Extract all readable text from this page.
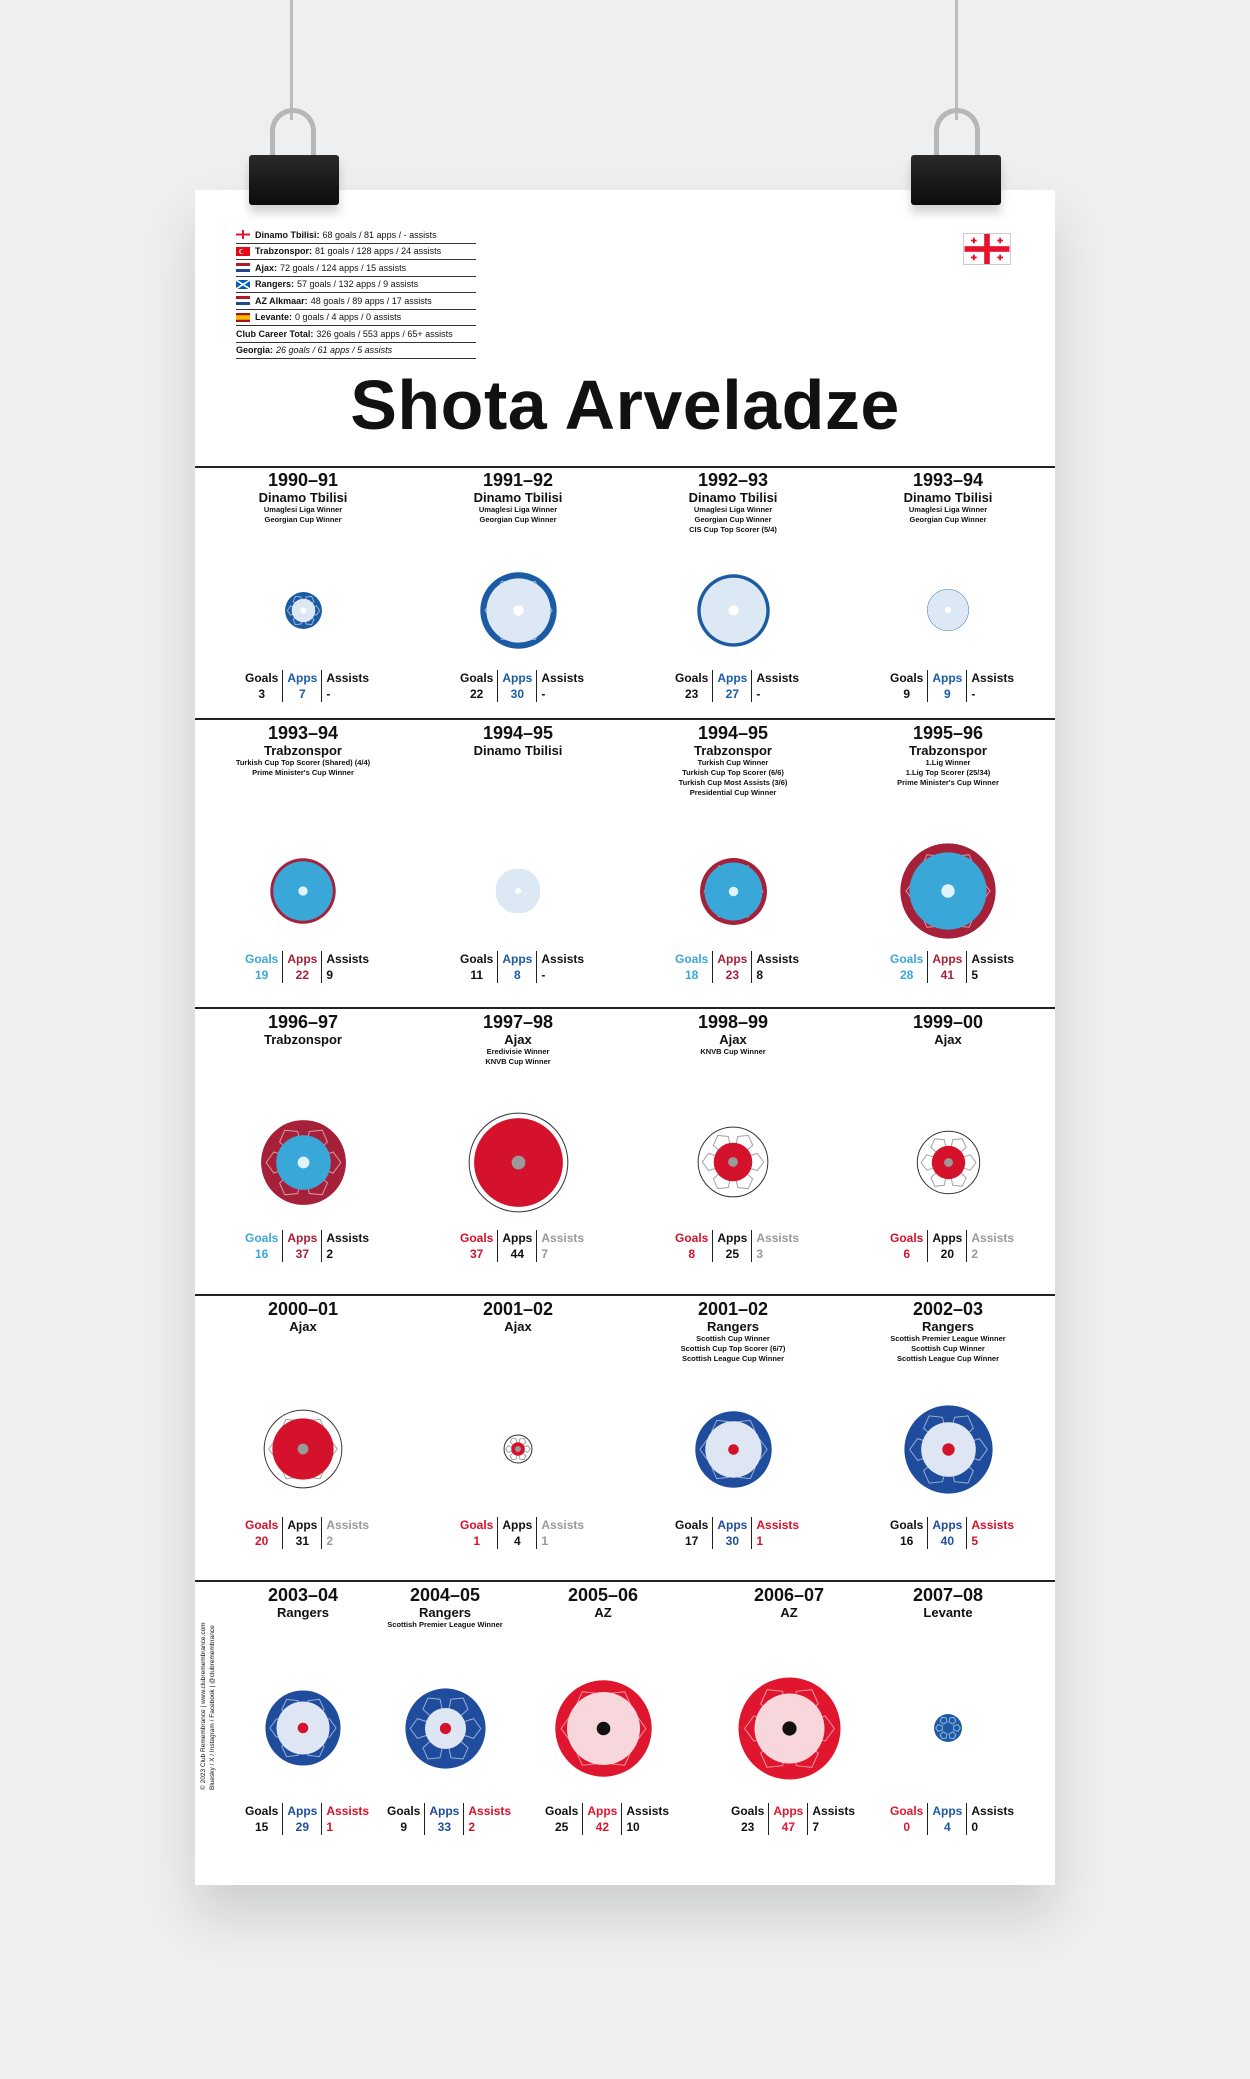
Dinamo Tbilisi: 68 goals / 81 apps / - assists
Trabzonspor: 81 goals / 128 apps / 24 assists
Ajax: 72 goals / 124 apps / 15 assists
Rangers: 57 goals / 132 apps / 9 assists
AZ Alkmaar: 48 goals / 89 apps / 17 assists
Levante: 0 goals / 4 apps / 0 assists
Club Career Total: 326 goals / 553 apps / 65+ assists
Georgia: 26 goals / 61 apps / 5 assists
Shota Arveladze
1990–91
Dinamo Tbilisi
Umaglesi Liga Winner
Georgian Cup Winner
Goals
3
Apps
7
Assists
-
1991–92
Dinamo Tbilisi
Umaglesi Liga Winner
Georgian Cup Winner
Goals
22
Apps
30
Assists
-
1992–93
Dinamo Tbilisi
Umaglesi Liga Winner
Georgian Cup Winner
CIS Cup Top Scorer (5/4)
Goals
23
Apps
27
Assists
-
1993–94
Dinamo Tbilisi
Umaglesi Liga Winner
Georgian Cup Winner
Goals
9
Apps
9
Assists
-
1993–94
Trabzonspor
Turkish Cup Top Scorer (Shared) (4/4)
Prime Minister's Cup Winner
Goals
19
Apps
22
Assists
9
1994–95
Dinamo Tbilisi
Goals
11
Apps
8
Assists
-
1994–95
Trabzonspor
Turkish Cup Winner
Turkish Cup Top Scorer (6/6)
Turkish Cup Most Assists (3/6)
Presidential Cup Winner
Goals
18
Apps
23
Assists
8
1995–96
Trabzonspor
1.Lig Winner
1.Lig Top Scorer (25/34)
Prime Minister's Cup Winner
Goals
28
Apps
41
Assists
5
1996–97
Trabzonspor
Goals
16
Apps
37
Assists
2
1997–98
Ajax
Eredivisie Winner
KNVB Cup Winner
Goals
37
Apps
44
Assists
7
1998–99
Ajax
KNVB Cup Winner
Goals
8
Apps
25
Assists
3
1999–00
Ajax
Goals
6
Apps
20
Assists
2
2000–01
Ajax
Goals
20
Apps
31
Assists
2
2001–02
Ajax
Goals
1
Apps
4
Assists
1
2001–02
Rangers
Scottish Cup Winner
Scottish Cup Top Scorer (6/7)
Scottish League Cup Winner
Goals
17
Apps
30
Assists
1
2002–03
Rangers
Scottish Premier League Winner
Scottish Cup Winner
Scottish League Cup Winner
Goals
16
Apps
40
Assists
5
2003–04
Rangers
Goals
15
Apps
29
Assists
1
2004–05
Rangers
Scottish Premier League Winner
Goals
9
Apps
33
Assists
2
2005–06
AZ
Goals
25
Apps
42
Assists
10
2006–07
AZ
Goals
23
Apps
47
Assists
7
2007–08
Levante
Goals
0
Apps
4
Assists
0
© 2023 Club Remembrance | www.clubremembrance.com Bluesky / X / Instagram / Facebook | @clubremembrance
